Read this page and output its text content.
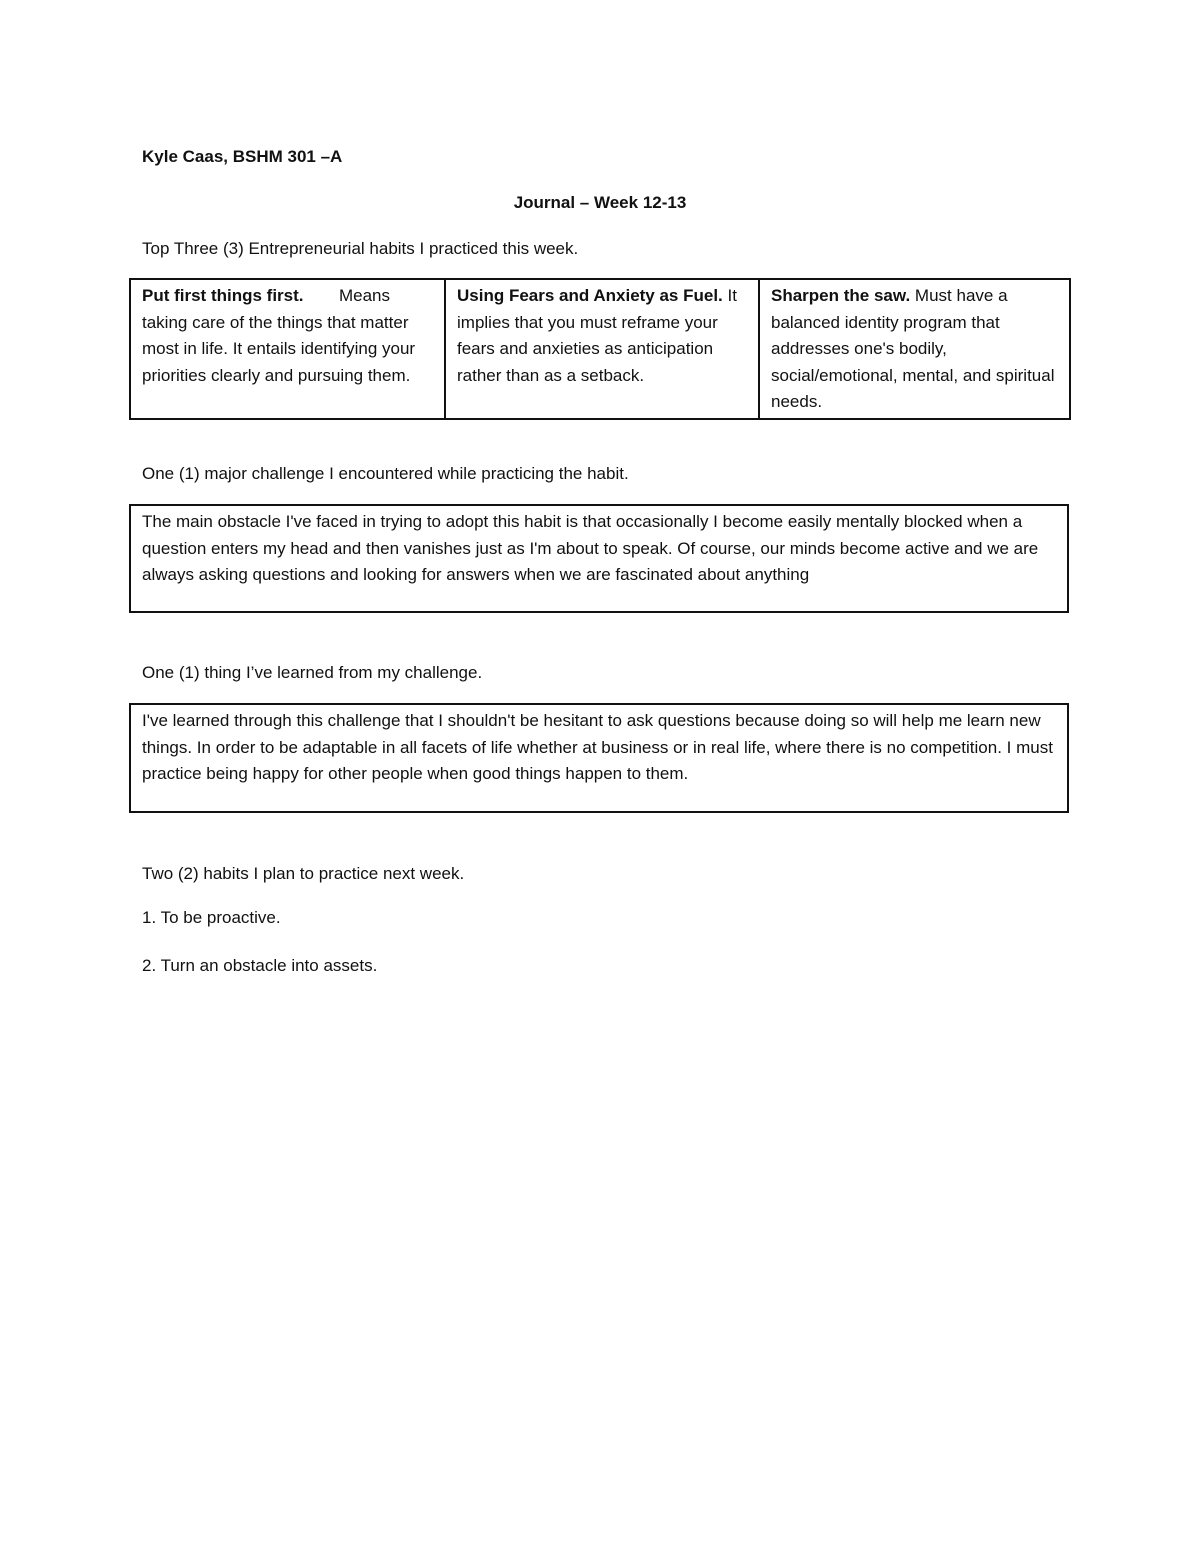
Kyle Caas, BSHM 301 –A
Journal – Week 12-13
Top Three (3) Entrepreneurial habits I practiced this week.
Put first things first. Means taking care of the things that matter most in life. It entails identifying your priorities clearly and pursuing them.	Using Fears and Anxiety as Fuel. It implies that you must reframe your fears and anxieties as anticipation rather than as a setback.	Sharpen the saw. Must have a balanced identity program that addresses one's bodily, social/emotional, mental, and spiritual needs.
One (1) major challenge I encountered while practicing the habit.
The main obstacle I've faced in trying to adopt this habit is that occasionally I become easily mentally blocked when a question enters my head and then vanishes just as I'm about to speak. Of course, our minds become active and we are always asking questions and looking for answers when we are fascinated about anything
One (1) thing I’ve learned from my challenge.
I've learned through this challenge that I shouldn't be hesitant to ask questions because doing so will help me learn new things. In order to be adaptable in all facets of life whether at business or in real life, where there is no competition. I must practice being happy for other people when good things happen to them.
Two (2) habits I plan to practice next week.
1. To be proactive.
2. Turn an obstacle into assets.
